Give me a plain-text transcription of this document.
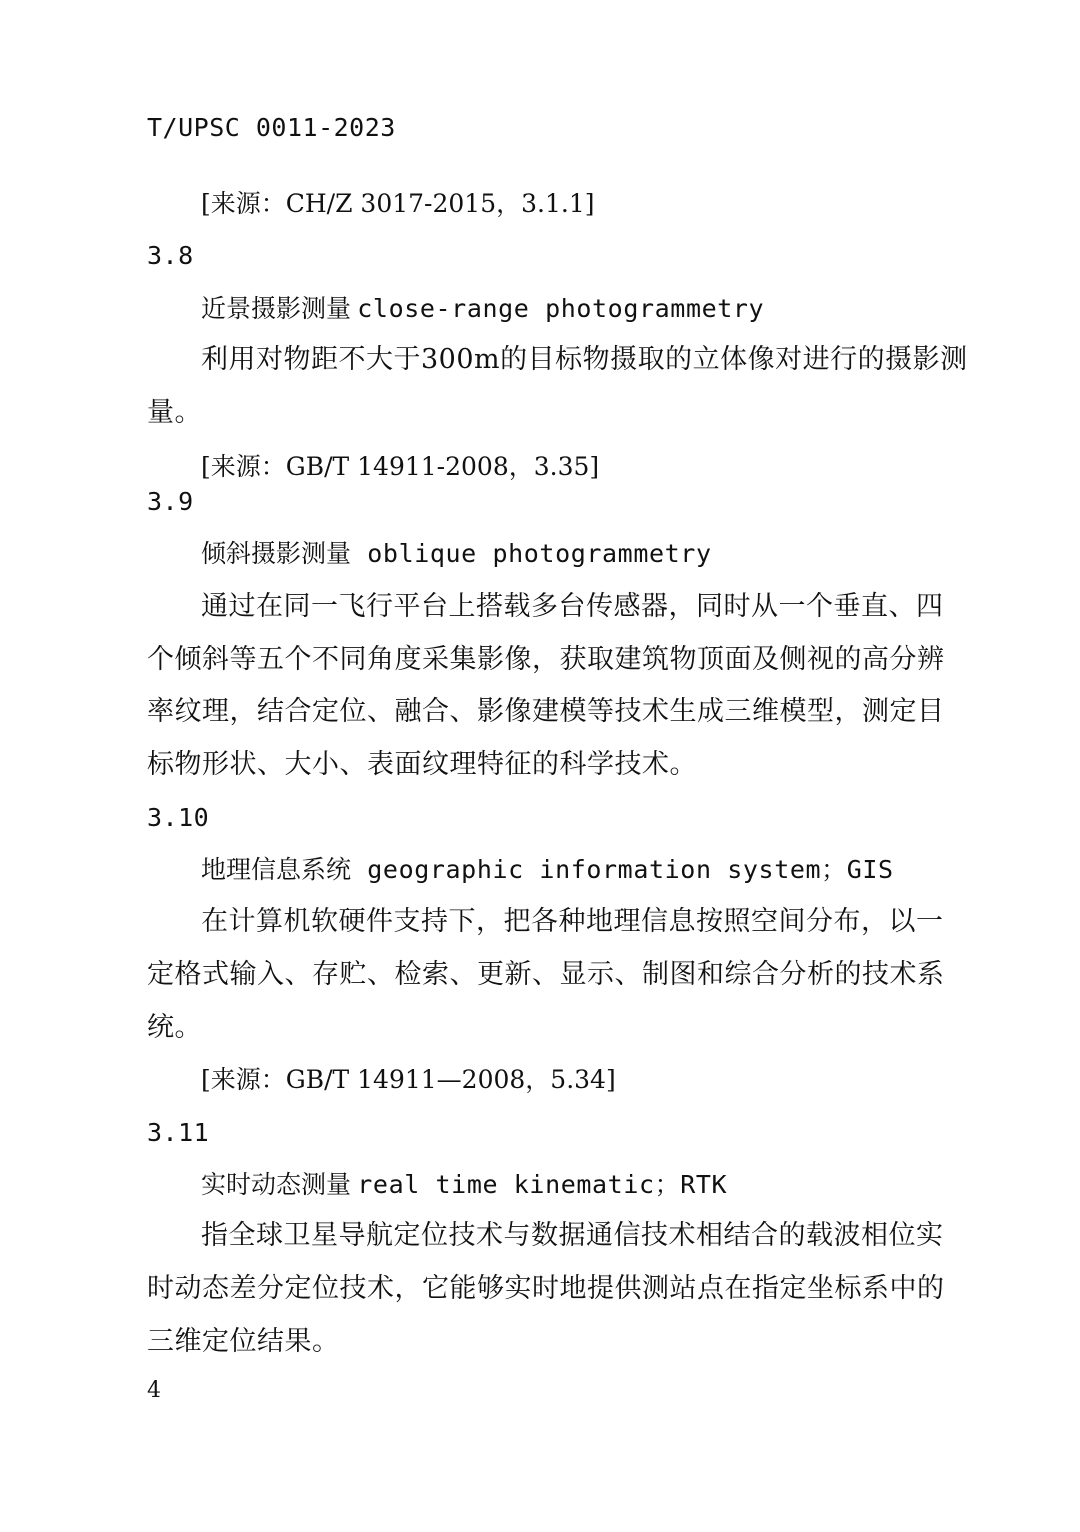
T/UPSC 0011-2023
[来源：CH/Z 3017-2015，3.1.1]
3.8
近景摄影测量 close-range photogrammetry
利用对物距不大于300m的目标物摄取的立体像对进行的摄影测
量。
[来源：GB/T 14911-2008，3.35]
3.9
倾斜摄影测量 oblique photogrammetry
通过在同一飞行平台上搭载多台传感器，同时从一个垂直、四
个倾斜等五个不同角度采集影像，获取建筑物顶面及侧视的高分辨
率纹理，结合定位、融合、影像建模等技术生成三维模型，测定目
标物形状、大小、表面纹理特征的科学技术。
3.10
地理信息系统 geographic information system；GIS
在计算机软硬件支持下，把各种地理信息按照空间分布，以一
定格式输入、存贮、检索、更新、显示、制图和综合分析的技术系
统。
[来源：GB/T 14911—2008，5.34]
3.11
实时动态测量 real time kinematic；RTK
指全球卫星导航定位技术与数据通信技术相结合的载波相位实
时动态差分定位技术，它能够实时地提供测站点在指定坐标系中的
三维定位结果。
4
